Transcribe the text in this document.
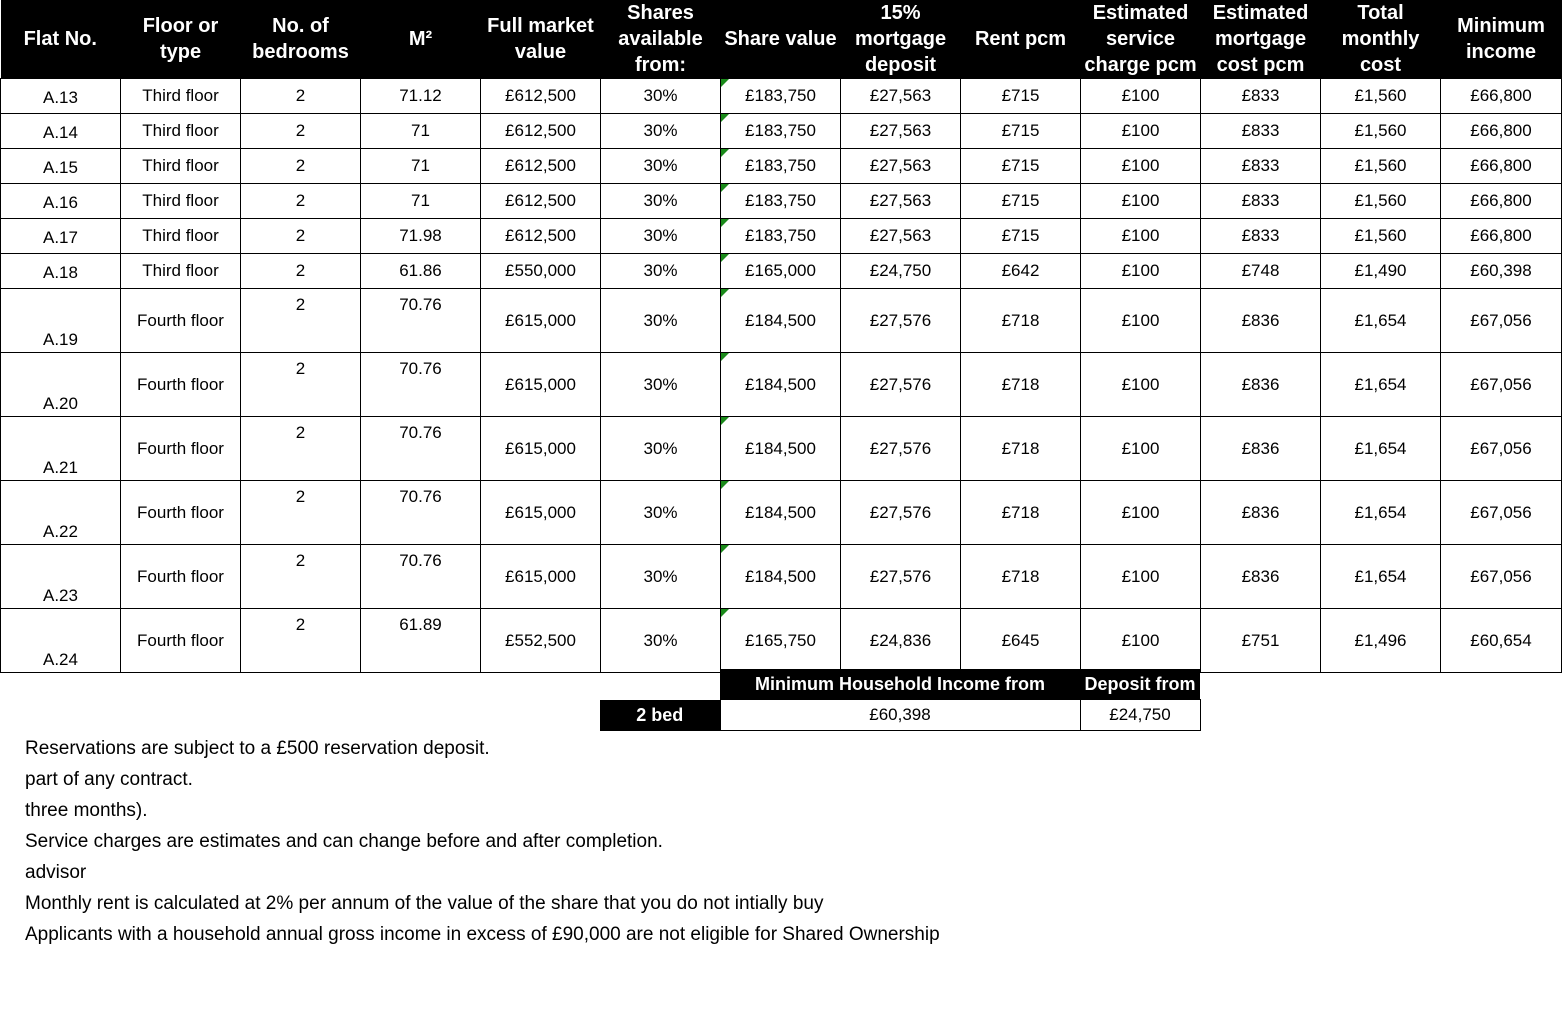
Flat No.	Floor or type	No. of bedrooms	M²	Full market value	Shares available from:	Share value	15% mortgage deposit	Rent pcm	Estimated service charge pcm	Estimated mortgage cost pcm	Total monthly cost	Minimum income
A.13	Third floor	2	71.12	£612,500	30%	£183,750	£27,563	£715	£100	£833	£1,560	£66,800
A.14	Third floor	2	71	£612,500	30%	£183,750	£27,563	£715	£100	£833	£1,560	£66,800
A.15	Third floor	2	71	£612,500	30%	£183,750	£27,563	£715	£100	£833	£1,560	£66,800
A.16	Third floor	2	71	£612,500	30%	£183,750	£27,563	£715	£100	£833	£1,560	£66,800
A.17	Third floor	2	71.98	£612,500	30%	£183,750	£27,563	£715	£100	£833	£1,560	£66,800
A.18	Third floor	2	61.86	£550,000	30%	£165,000	£24,750	£642	£100	£748	£1,490	£60,398
A.19	Fourth floor	2	70.76	£615,000	30%	£184,500	£27,576	£718	£100	£836	£1,654	£67,056
A.20	Fourth floor	2	70.76	£615,000	30%	£184,500	£27,576	£718	£100	£836	£1,654	£67,056
A.21	Fourth floor	2	70.76	£615,000	30%	£184,500	£27,576	£718	£100	£836	£1,654	£67,056
A.22	Fourth floor	2	70.76	£615,000	30%	£184,500	£27,576	£718	£100	£836	£1,654	£67,056
A.23	Fourth floor	2	70.76	£615,000	30%	£184,500	£27,576	£718	£100	£836	£1,654	£67,056
A.24	Fourth floor	2	61.89	£552,500	30%	£165,750	£24,836	£645	£100	£751	£1,496	£60,654
	Minimum Household Income from	Deposit from
2 bed	£60,398	£24,750
Reservations are subject to a £500 reservation deposit.
part of any contract.
three months).
Service charges are estimates and can change before and after completion.
advisor
Monthly rent is calculated at 2% per annum of the value of the share that you do not intially buy
Applicants with a household annual gross income in excess of £90,000 are not eligible for Shared Ownership
